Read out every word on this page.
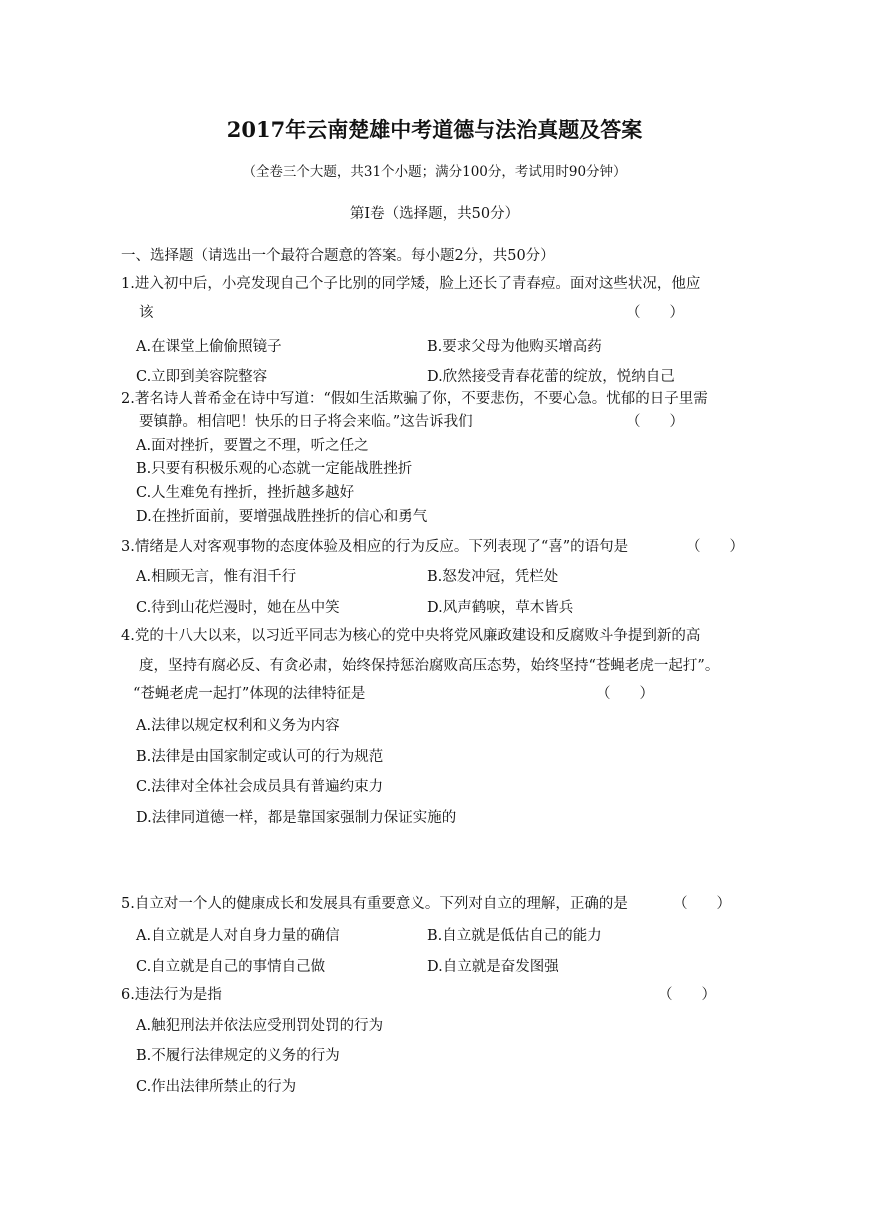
2017年云南楚雄中考道德与法治真题及答案
（全卷三个大题，共31个小题；满分100分，考试用时90分钟）
第Ⅰ卷（选择题，共50分）
一、选择题（请选出一个最符合题意的答案。每小题2分，共50分）
1.进入初中后，小亮发现自己个子比别的同学矮，脸上还长了青春痘。面对这些状况，他应
该	（　　）
A.在课堂上偷偷照镜子	B.要求父母为他购买增高药
C.立即到美容院整容	D.欣然接受青春花蕾的绽放，悦纳自己
2.著名诗人普希金在诗中写道：“假如生活欺骗了你，不要悲伤，不要心急。忧郁的日子里需
要镇静。相信吧！快乐的日子将会来临。”这告诉我们	（　　）
A.面对挫折，要置之不理，听之任之
B.只要有积极乐观的心态就一定能战胜挫折
C.人生难免有挫折，挫折越多越好
D.在挫折面前，要增强战胜挫折的信心和勇气
3.情绪是人对客观事物的态度体验及相应的行为反应。下列表现了“喜”的语句是	（　　）
A.相顾无言，惟有泪千行	B.怒发冲冠，凭栏处
C.待到山花烂漫时，她在丛中笑	D.风声鹤唳，草木皆兵
4.党的十八大以来，以习近平同志为核心的党中央将党风廉政建设和反腐败斗争提到新的高
度，坚持有腐必反、有贪必肃，始终保持惩治腐败高压态势，始终坚持“苍蝇老虎一起打”。
“苍蝇老虎一起打”体现的法律特征是	（　　）
A.法律以规定权利和义务为内容
B.法律是由国家制定或认可的行为规范
C.法律对全体社会成员具有普遍约束力
D.法律同道德一样，都是靠国家强制力保证实施的
5.自立对一个人的健康成长和发展具有重要意义。下列对自立的理解，正确的是	（　　）
A.自立就是人对自身力量的确信	B.自立就是低估自己的能力
C.自立就是自己的事情自己做	D.自立就是奋发图强
6.违法行为是指	（　　）
A.触犯刑法并依法应受刑罚处罚的行为
B.不履行法律规定的义务的行为
C.作出法律所禁止的行为
